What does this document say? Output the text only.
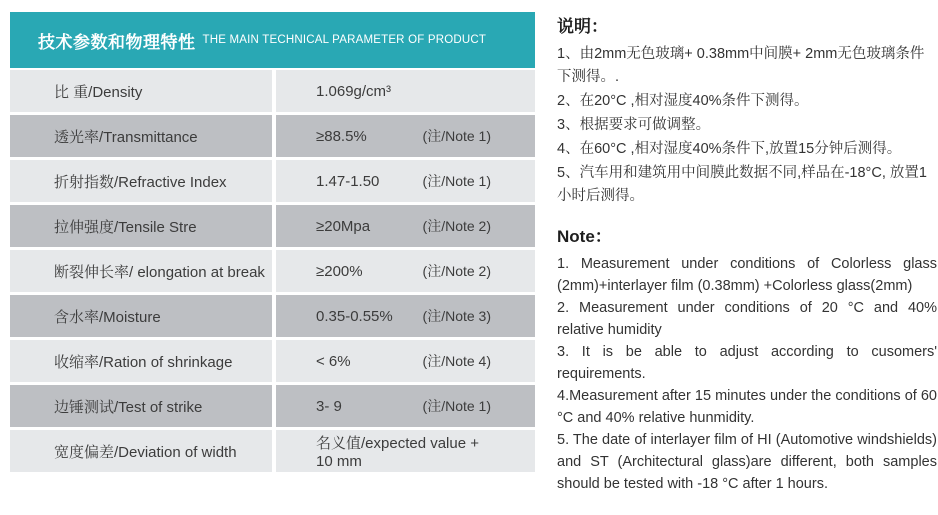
技术参数和物理特性 THE MAIN TECHNICAL PARAMETER OF PRODUCT
比 重/Density	1.069g/cm³
透光率/Transmittance	≥88.5%	(注/Note 1)
折射指数/Refractive Index	1.47-1.50	(注/Note 1)
拉伸强度/Tensile Stre	≥20Mpa	(注/Note 2)
断裂伸长率/ elongation at break	≥200%	(注/Note 2)
含水率/Moisture	0.35-0.55% (注/Note 3)
收缩率/Ration of shrinkage	< 6%	(注/Note 4)
边锤测试/Test of strike	3- 9	(注/Note 1)
宽度偏差/Deviation of width	名义值/expected value + 10 mm
说明：

1、由2mm无色玻璃+ 0.38mm中间膜+ 2mm无色玻璃条件下测得。.

2、在20°C ,相对湿度40%条件下测得。

3、根据要求可做调整。

4、在60°C ,相对湿度40%条件下,放置15分钟后测得。

5、汽车用和建筑用中间膜此数据不同,样品在-18°C, 放置1小时后测得。

Note：

1. Measurement under conditions of Colorless glass (2mm)+interlayer film (0.38mm) +Colorless glass(2mm)

2. Measurement under conditions of 20 °C and 40% relative humidity

3. It is be able to adjust according to cusomers' requirements.

4.Measurement after 15 minutes under the conditions of 60 °C and 40% relative hunmidity.

5. The date of interlayer film of HI (Automotive windshields) and ST (Architectural glass)are different, both samples should be tested with -18 °C after 1 hours.
